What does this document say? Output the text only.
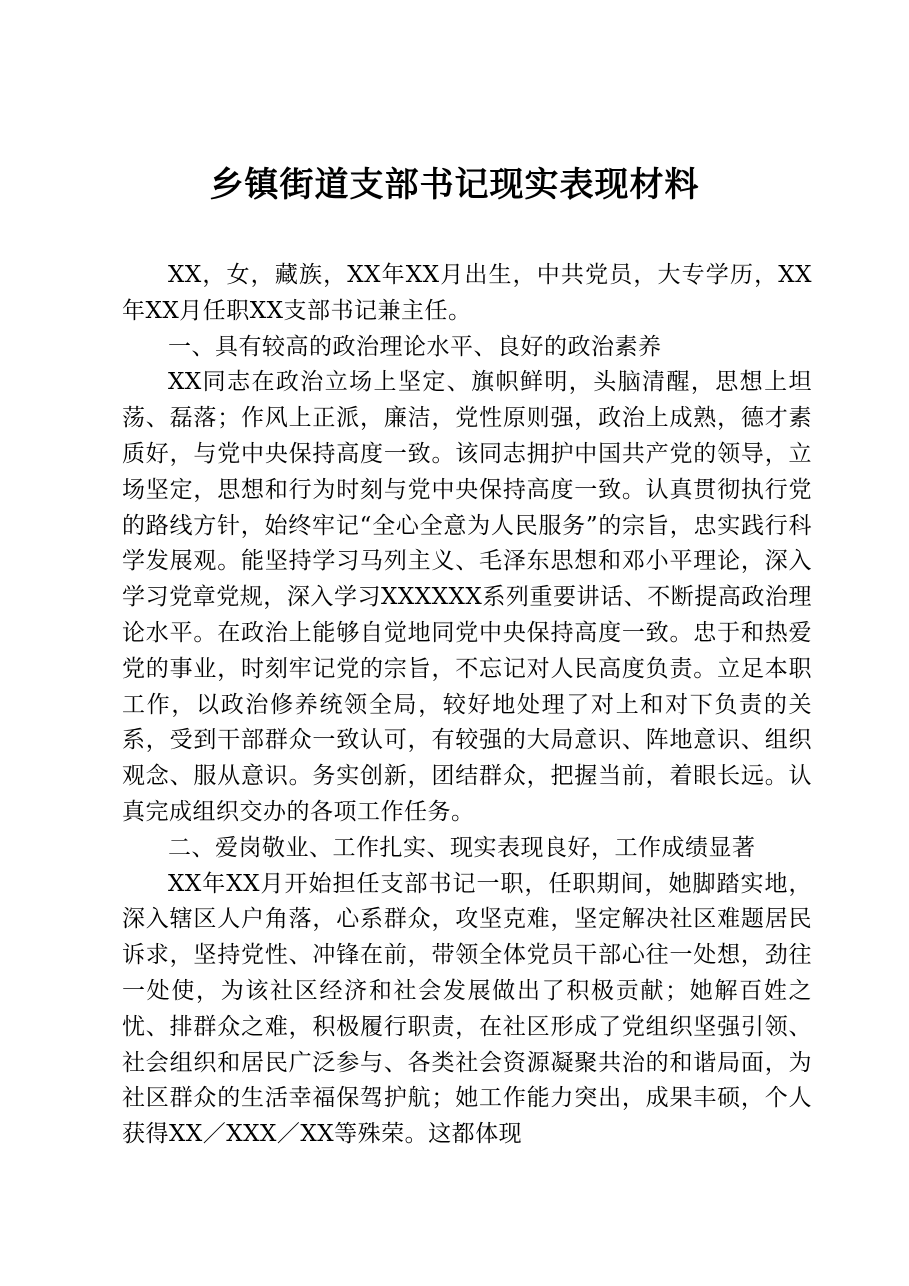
乡镇街道支部书记现实表现材料

XX，女，藏族，XX年XX月出生，中共党员，大专学历，XX年XX月任职XX支部书记兼主任。

一、具有较高的政治理论水平、良好的政治素养

XX同志在政治立场上坚定、旗帜鲜明，头脑清醒，思想上坦荡、磊落；作风上正派，廉洁，党性原则强，政治上成熟，德才素质好，与党中央保持高度一致。该同志拥护中国共产党的领导，立场坚定，思想和行为时刻与党中央保持高度一致。认真贯彻执行党的路线方针，始终牢记“全心全意为人民服务”的宗旨，忠实践行科学发展观。能坚持学习马列主义、毛泽东思想和邓小平理论，深入学习党章党规，深入学习XXXXXX系列重要讲话、不断提高政治理论水平。在政治上能够自觉地同党中央保持高度一致。忠于和热爱党的事业，时刻牢记党的宗旨，不忘记对人民高度负责。立足本职工作，以政治修养统领全局，较好地处理了对上和对下负责的关系，受到干部群众一致认可，有较强的大局意识、阵地意识、组织观念、服从意识。务实创新，团结群众，把握当前，着眼长远。认真完成组织交办的各项工作任务。

二、爱岗敬业、工作扎实、现实表现良好，工作成绩显著

XX年XX月开始担任支部书记一职，任职期间，她脚踏实地，深入辖区人户角落，心系群众，攻坚克难，坚定解决社区难题居民诉求，坚持党性、冲锋在前，带领全体党员干部心往一处想，劲往一处使，为该社区经济和社会发展做出了积极贡献；她解百姓之忧、排群众之难，积极履行职责，在社区形成了党组织坚强引领、社会组织和居民广泛参与、各类社会资源凝聚共治的和谐局面，为社区群众的生活幸福保驾护航；她工作能力突出，成果丰硕，个人获得XX／XXX／XX等殊荣。这都体现
